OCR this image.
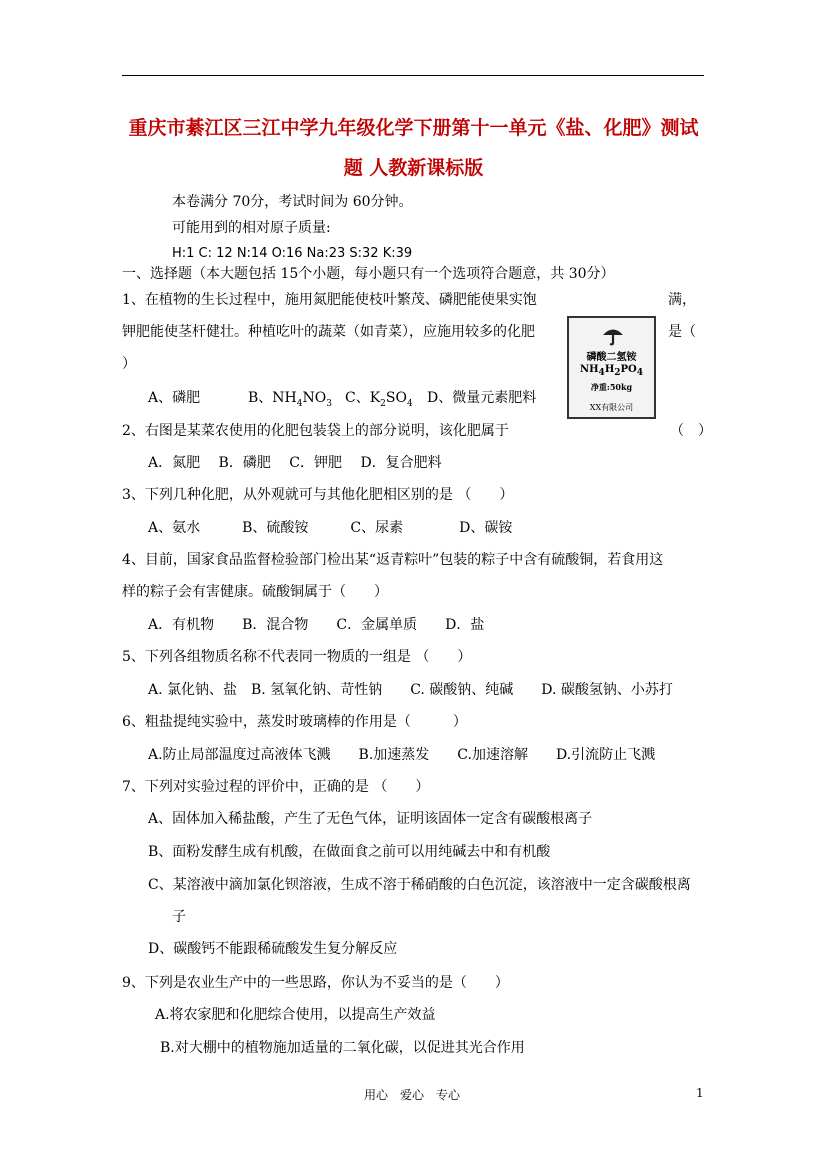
重庆市綦江区三江中学九年级化学下册第十一单元《盐、化肥》测试
题 人教新课标版
本卷满分 70分，考试时间为 60分钟。
可能用到的相对原子质量:
H:1 C: 12 N:14 O:16 Na:23 S:32 K:39
一、选择题（本大题包括 15个小题，每小题只有一个选项符合题意，共 30分）
1、在植物的生长过程中，施用氮肥能使枝叶繁茂、磷肥能使果实饱	满，
钾肥能使茎杆健壮。种植吃叶的蔬菜（如青菜），应施用较多的化肥	是（
）
A、磷肥	B、$NH_4NO_3$ C、$K_2SO_4$ D、微量元素肥料
磷酸二氢铵
$NH_4H_2PO_4$
净重:50kg
XX有限公司
2、右图是某菜农使用的化肥包装袋上的部分说明，该化肥属于	（　）
A．氮肥　 B．磷肥　 C．钾肥　 D．复合肥料
3、下列几种化肥，从外观就可与其他化肥相区别的是 （　　）
A、氨水　　　B、硫酸铵　　　C、尿素　　　　D、碳铵
4、目前，国家食品监督检验部门检出某“返青粽叶”包装的粽子中含有硫酸铜，若食用这
样的粽子会有害健康。硫酸铜属于（　　）
A．有机物　　B．混合物　　C．金属单质　　D．盐
5、下列各组物质名称不代表同一物质的一组是 （　　）
A. 氯化钠、盐　B. 氢氧化钠、苛性钠　　C. 碳酸钠、纯碱　　D. 碳酸氢钠、小苏打
6、粗盐提纯实验中，蒸发时玻璃棒的作用是（　　　）
A.防止局部温度过高液体飞溅　　B.加速蒸发　　C.加速溶解　　D.引流防止飞溅
7、下列对实验过程的评价中，正确的是 （　　）
A、固体加入稀盐酸，产生了无色气体，证明该固体一定含有碳酸根离子
B、面粉发酵生成有机酸，在做面食之前可以用纯碱去中和有机酸
C、某溶液中滴加氯化钡溶液，生成不溶于稀硝酸的白色沉淀，该溶液中一定含碳酸根离
子
D、碳酸钙不能跟稀硫酸发生复分解反应
9、下列是农业生产中的一些思路，你认为不妥当的是（　　）
A.将农家肥和化肥综合使用，以提高生产效益
B.对大棚中的植物施加适量的二氧化碳，以促进其光合作用
用心　爱心　专心	1
